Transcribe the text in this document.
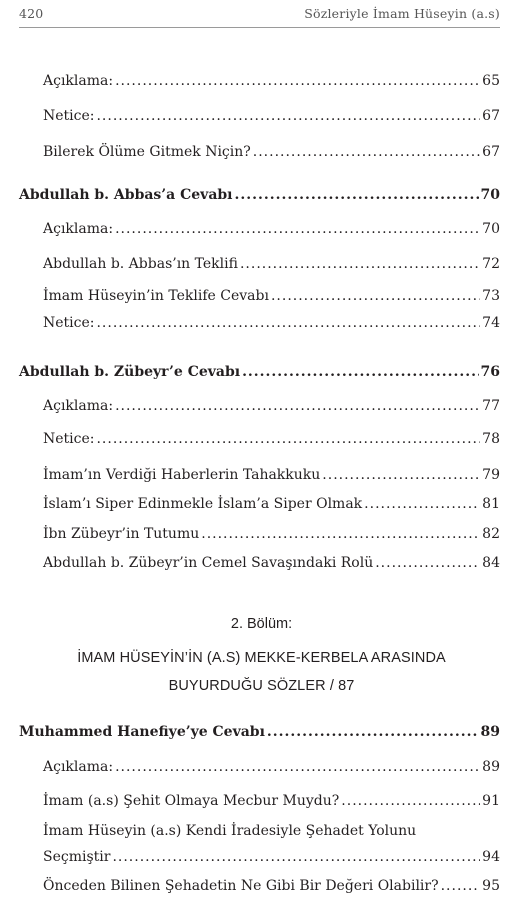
420	Sözleriyle İmam Hüseyin (a.s)
Açıklama: .....	65
Netice: .....	67
Bilerek Ölüme Gitmek Niçin? .....	67
Abdullah b. Abbas’a Cevabı .....	70
Açıklama: .....	70
Abdullah b. Abbas’ın Teklifi .....	72
İmam Hüseyin’in Teklife Cevabı .....	73
Netice: .....	74
Abdullah b. Zübeyr’e Cevabı .....	76
Açıklama: .....	77
Netice: .....	78
İmam’ın Verdiği Haberlerin Tahakkuku .....	79
İslam’ı Siper Edinmekle İslam’a Siper Olmak .....	81
İbn Zübeyr’in Tutumu .....	82
Abdullah b. Zübeyr’in Cemel Savaşındaki Rolü .....	84
2. Bölüm:
İMAM HÜSEYİN’İN (A.S) MEKKE-KERBELA ARASINDA
BUYURDUĞU SÖZLER / 87
Muhammed Hanefiye’ye Cevabı .....	89
Açıklama: .....	89
İmam (a.s) Şehit Olmaya Mecbur Muydu? .....	91
İmam Hüseyin (a.s) Kendi İradesiyle Şehadet Yolunu
Seçmiştir .....	94
Önceden Bilinen Şehadetin Ne Gibi Bir Değeri Olabilir? .....	95
